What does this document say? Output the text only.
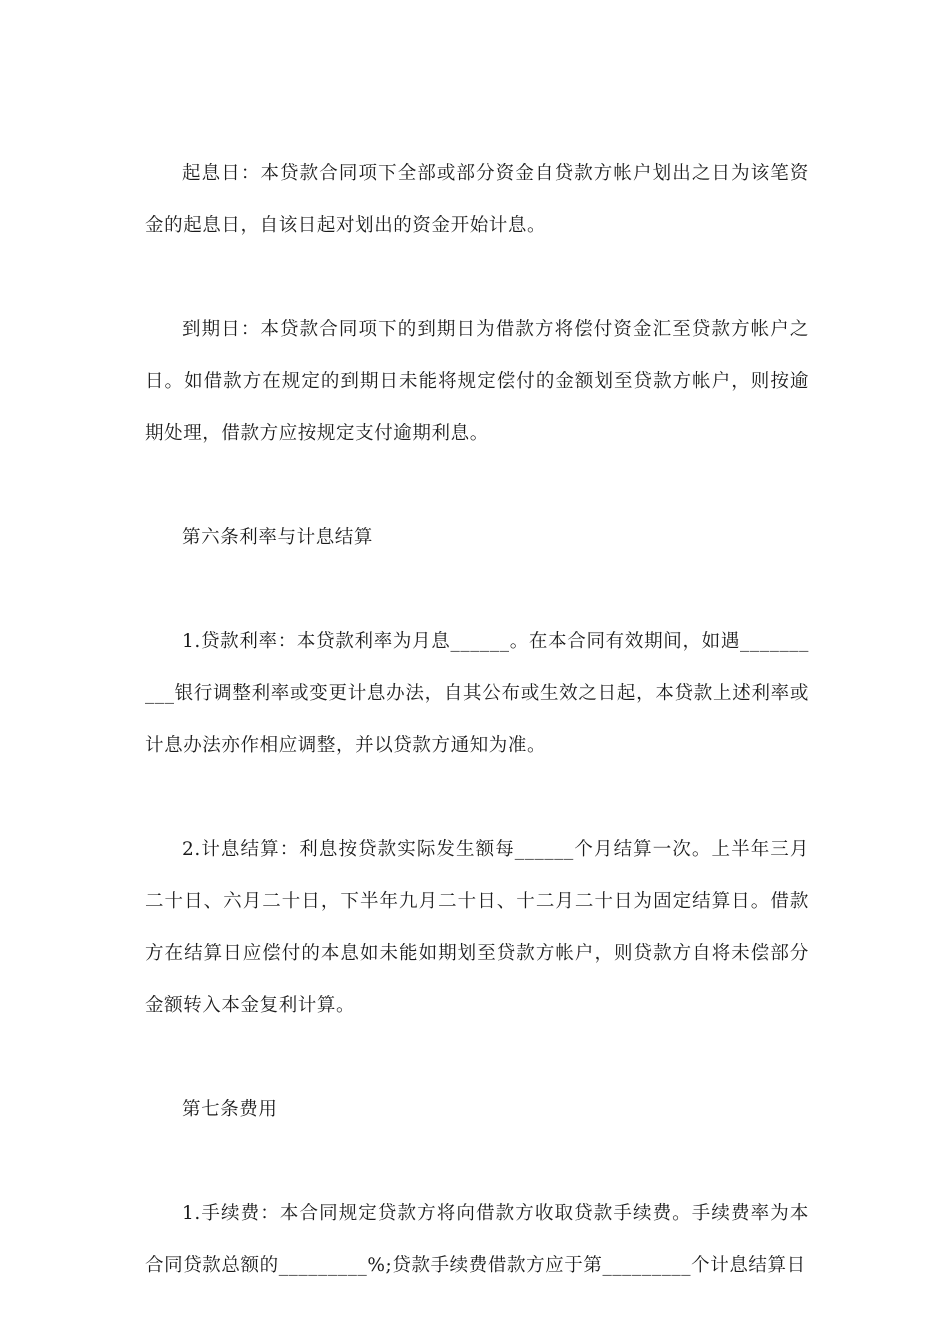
起息日：本贷款合同项下全部或部分资金自贷款方帐户划出之日为该笔资金的起息日，自该日起对划出的资金开始计息。

到期日：本贷款合同项下的到期日为借款方将偿付资金汇至贷款方帐户之日。如借款方在规定的到期日未能将规定偿付的金额划至贷款方帐户，则按逾期处理，借款方应按规定支付逾期利息。

第六条利率与计息结算

1.贷款利率：本贷款利率为月息______。在本合同有效期间，如遇__________银行调整利率或变更计息办法，自其公布或生效之日起，本贷款上述利率或计息办法亦作相应调整，并以贷款方通知为准。

2.计息结算：利息按贷款实际发生额每______个月结算一次。上半年三月二十日、六月二十日，下半年九月二十日、十二月二十日为固定结算日。借款方在结算日应偿付的本息如未能如期划至贷款方帐户，则贷款方自将未偿部分金额转入本金复利计算。

第七条费用

1.手续费：本合同规定贷款方将向借款方收取贷款手续费。手续费率为本合同贷款总额的_________%;贷款手续费借款方应于第_________个计息结算日
